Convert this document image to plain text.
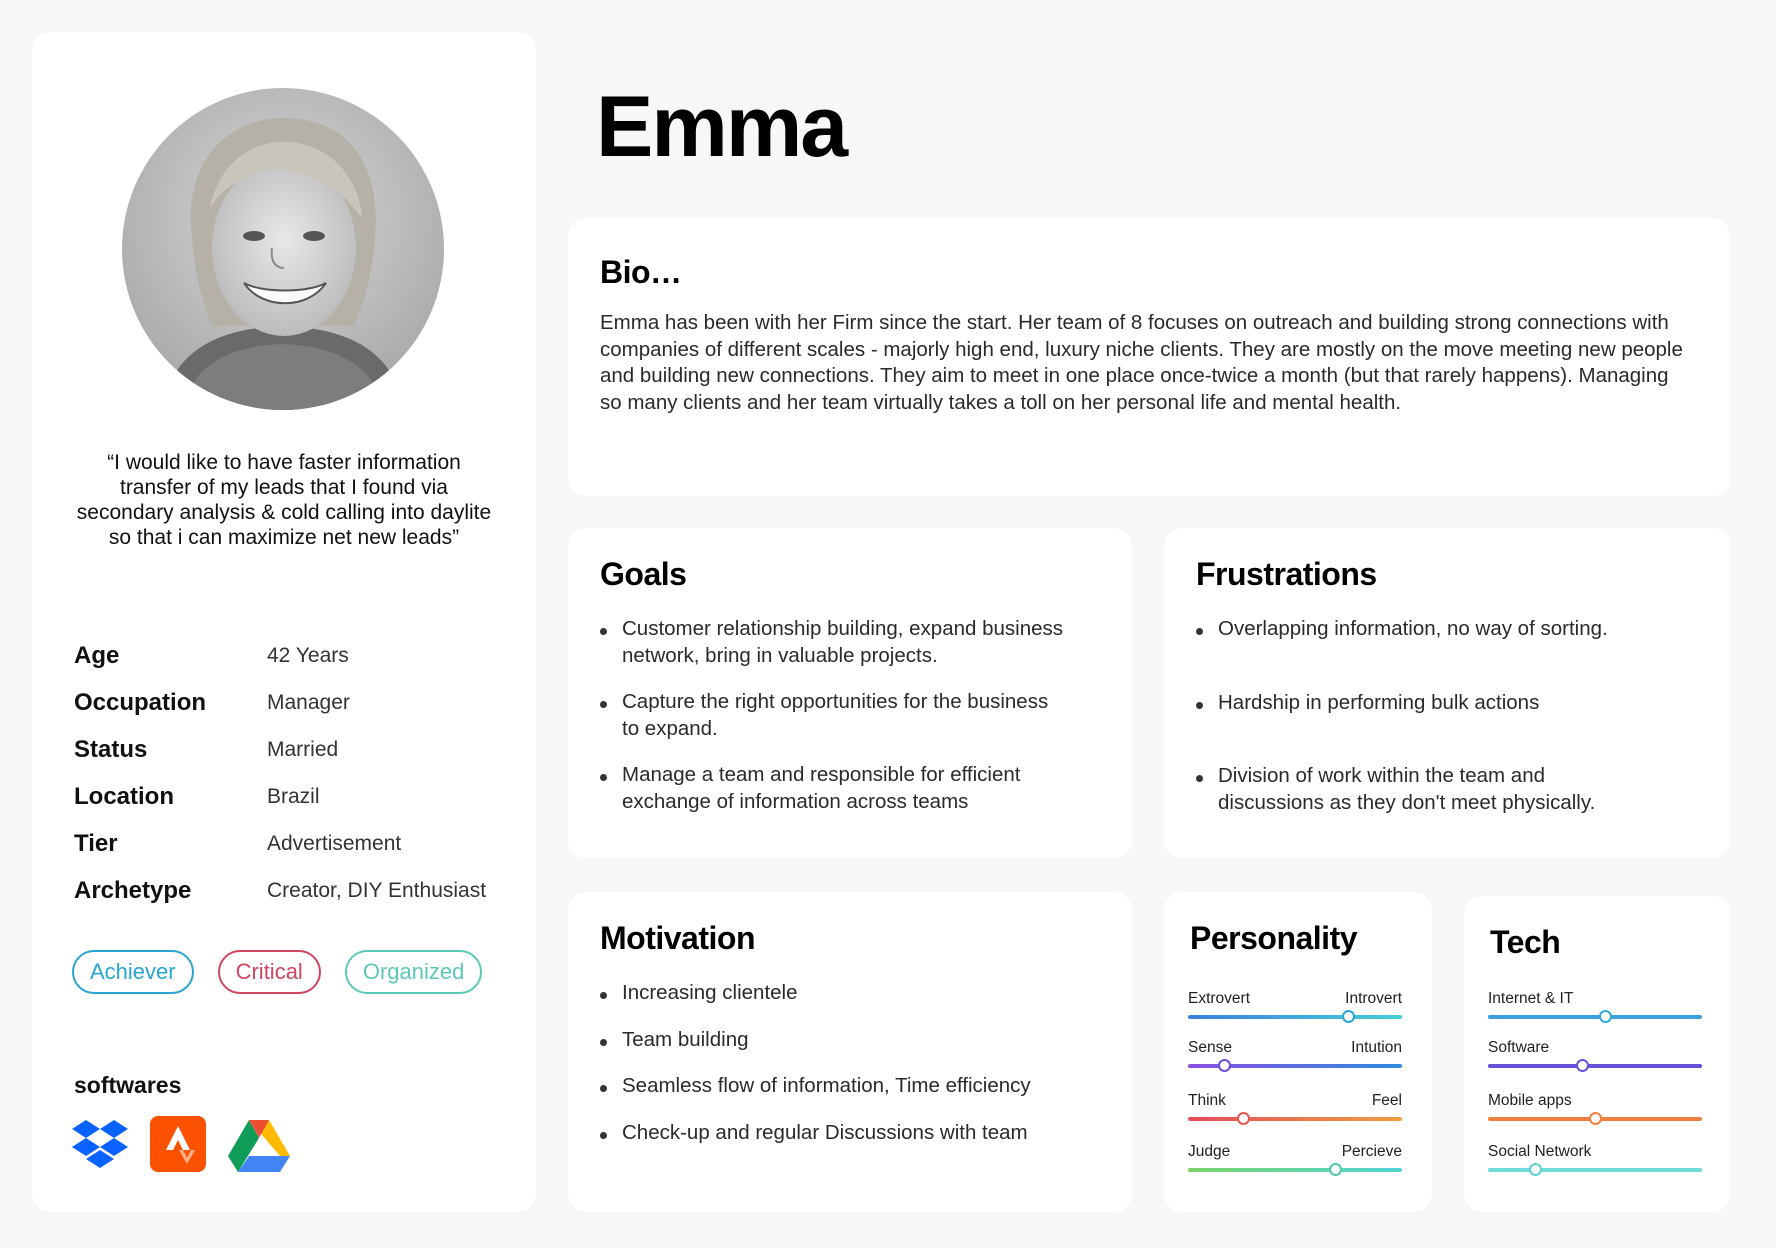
“I would like to have faster information transfer of my leads that I found via secondary analysis & cold calling into daylite so that i can maximize net new leads”
Age	42 Years
Occupation	Manager
Status	Married
Location	Brazil
Tier	Advertisement
Archetype	Creator, DIY Enthusiast
Achiever	Critical	Organized
softwares
Emma
Bio…
Emma has been with her Firm since the start. Her team of 8 focuses on outreach and building strong connections with companies of different scales - majorly high end, luxury niche clients. They are mostly on the move meeting new people and building new connections. They aim to meet in one place once-twice a month (but that rarely happens). Managing so many clients and her team virtually takes a toll on her personal life and mental health.
Goals
Customer relationship building, expand business network, bring in valuable projects.
Capture the right opportunities for the business to expand.
Manage a team and responsible for efficient exchange of information across teams
Frustrations
Overlapping information, no way of sorting.
Hardship in performing bulk actions
Division of work within the team and discussions as they don't meet physically.
Motivation
Increasing clientele
Team building
Seamless flow of information, Time efficiency
Check-up and regular Discussions with team
Personality
Extrovert	Introvert
Sense	Intution
Think	Feel
Judge	Percieve
Tech
Internet & IT
Software
Mobile apps
Social Network
